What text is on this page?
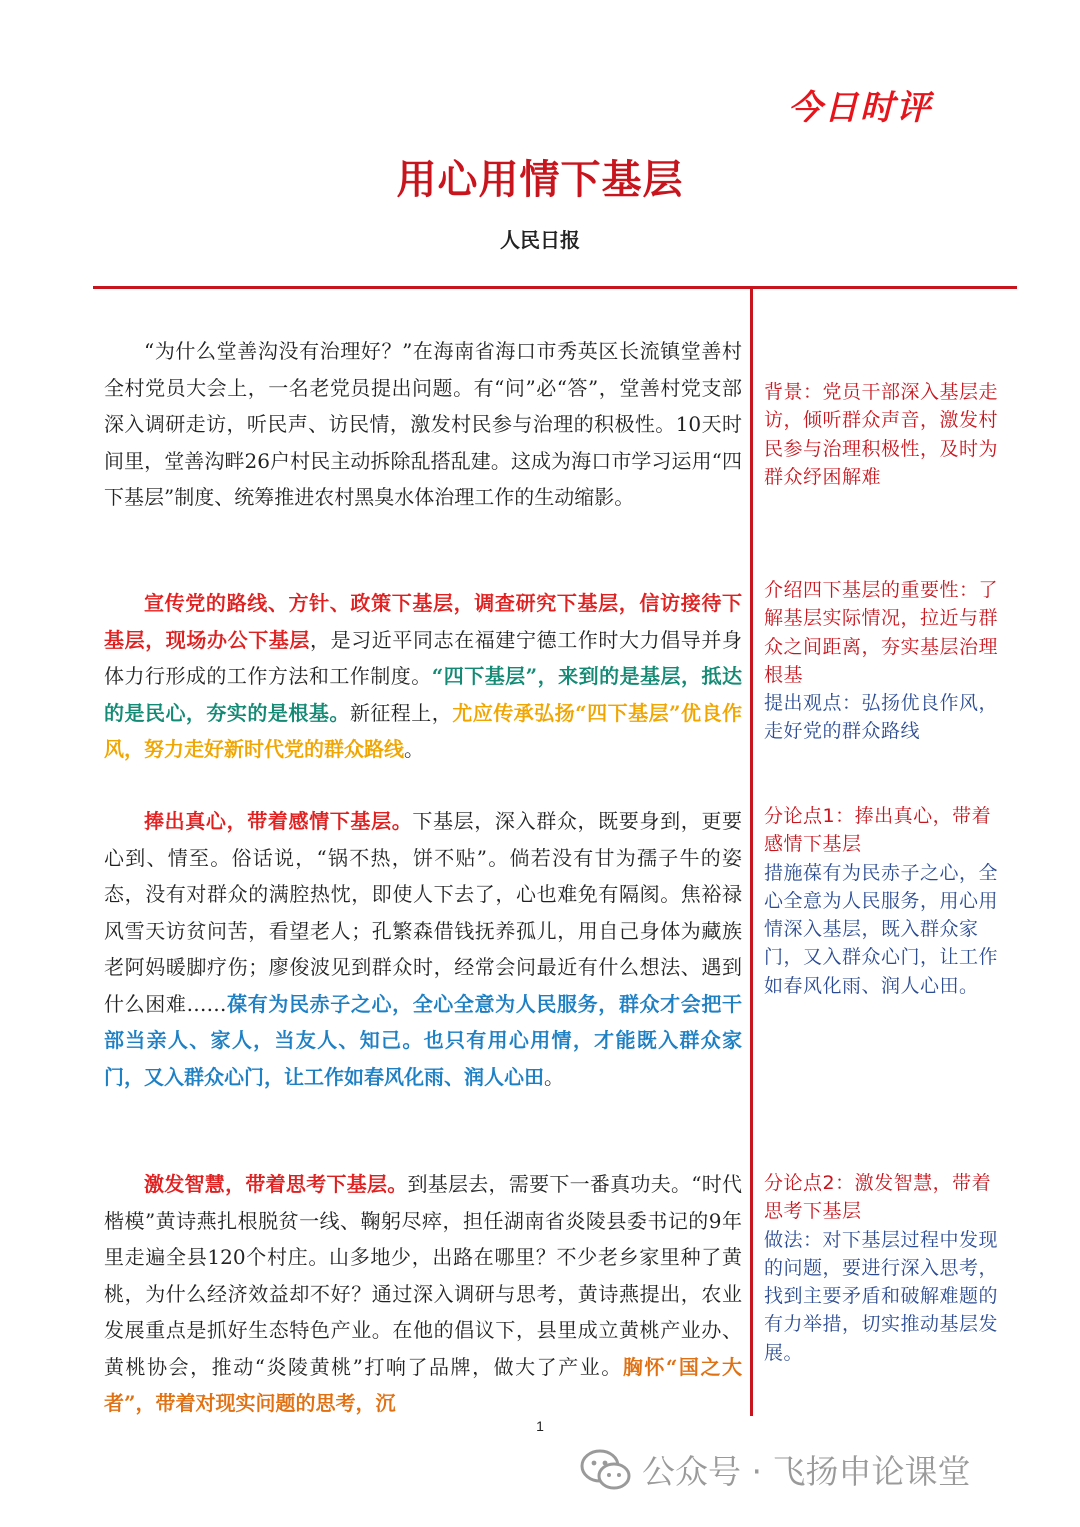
今日时评
用心用情下基层
人民日报

“为什么堂善沟没有治理好？”在海南省海口市秀英区长流镇堂善村全村党员大会上，一名老党员提出问题。有“问”必“答”，堂善村党支部深入调研走访，听民声、访民情，激发村民参与治理的积极性。10天时间里，堂善沟畔26户村民主动拆除乱搭乱建。这成为海口市学习运用“四下基层”制度、统筹推进农村黑臭水体治理工作的生动缩影。

宣传党的路线、方针、政策下基层，调查研究下基层，信访接待下基层，现场办公下基层，是习近平同志在福建宁德工作时大力倡导并身体力行形成的工作方法和工作制度。“四下基层”，来到的是基层，抵达的是民心，夯实的是根基。新征程上，尤应传承弘扬“四下基层”优良作风，努力走好新时代党的群众路线。

捧出真心，带着感情下基层。下基层，深入群众，既要身到，更要心到、情至。俗话说，“锅不热，饼不贴”。倘若没有甘为孺子牛的姿态，没有对群众的满腔热忱，即使人下去了，心也难免有隔阂。焦裕禄风雪天访贫问苦，看望老人；孔繁森借钱抚养孤儿，用自己身体为藏族老阿妈暖脚疗伤；廖俊波见到群众时，经常会问最近有什么想法、遇到什么困难……葆有为民赤子之心，全心全意为人民服务，群众才会把干部当亲人、家人，当友人、知己。也只有用心用情，才能既入群众家门，又入群众心门，让工作如春风化雨、润人心田。

激发智慧，带着思考下基层。到基层去，需要下一番真功夫。“时代楷模”黄诗燕扎根脱贫一线、鞠躬尽瘁，担任湖南省炎陵县委书记的9年里走遍全县120个村庄。山多地少，出路在哪里？不少老乡家里种了黄桃，为什么经济效益却不好？通过深入调研与思考，黄诗燕提出，农业发展重点是抓好生态特色产业。在他的倡议下，县里成立黄桃产业办、黄桃协会，推动“炎陵黄桃”打响了品牌，做大了产业。胸怀“国之大者”，带着对现实问题的思考，沉

背景：党员干部深入基层走访，倾听群众声音，激发村民参与治理积极性，及时为群众纾困解难
介绍四下基层的重要性：了解基层实际情况，拉近与群众之间距离，夯实基层治理根基
提出观点：弘扬优良作风，走好党的群众路线
分论点1：捧出真心，带着感情下基层
措施葆有为民赤子之心，全心全意为人民服务，用心用情深入基层，既入群众家门，又入群众心门，让工作如春风化雨、润人心田。
分论点2：激发智慧，带着思考下基层
做法：对下基层过程中发现的问题，要进行深入思考，找到主要矛盾和破解难题的有力举措，切实推动基层发展。
1
公众号 · 飞扬申论课堂
